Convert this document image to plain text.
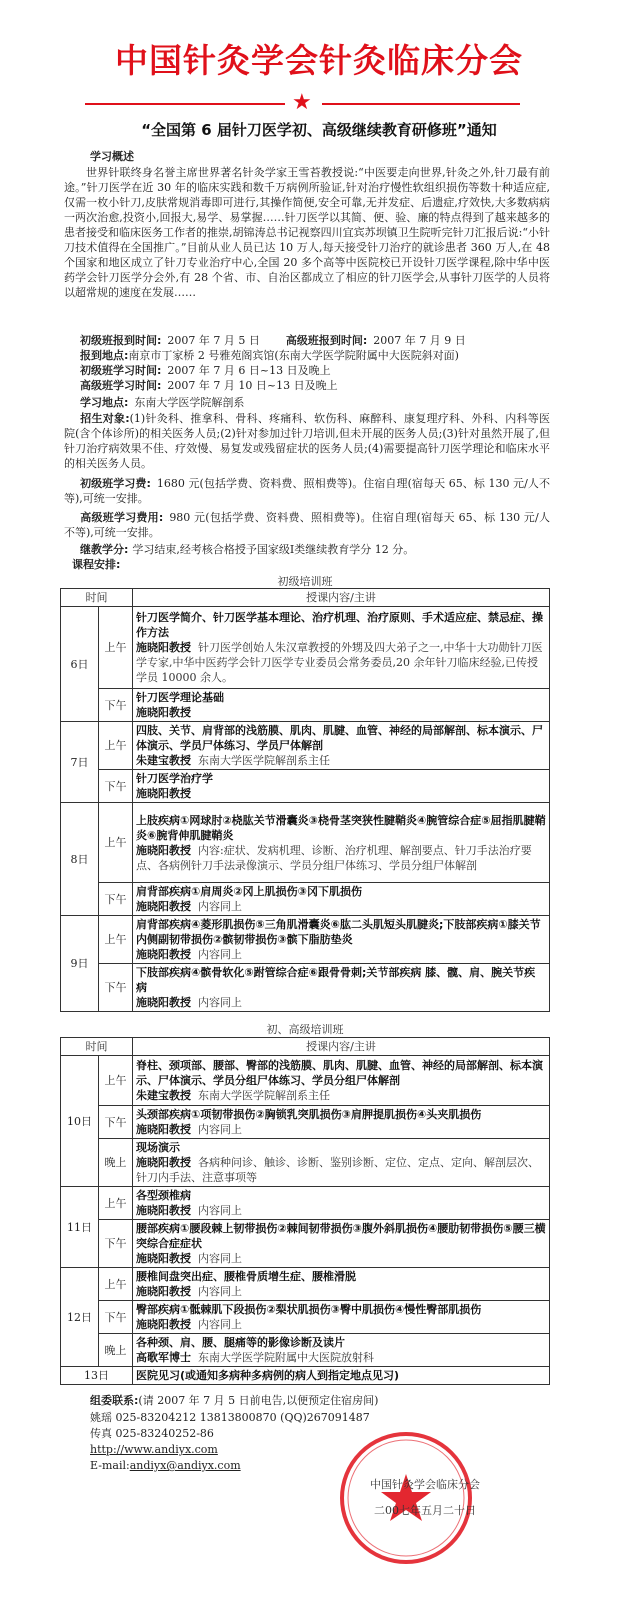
中国针灸学会针灸临床分会
★
“全国第 6 届针刀医学初、高级继续教育研修班”通知
学习概述
世界针联终身名誉主席世界著名针灸学家王雪苔教授说:“中医要走向世界,针灸之外,针刀最有前途。”针刀医学在近 30 年的临床实践和数千万病例所验证,针对治疗慢性软组织损伤等数十种适应症,仅需一枚小针刀,皮肤常规消毒即可进行,其操作简便,安全可靠,无并发症、后遗症,疗效快,大多数病病一两次治愈,投资小,回报大,易学、易掌握……针刀医学以其简、便、验、廉的特点得到了越来越多的患者接受和临床医务工作者的推崇,胡锦涛总书记视察四川宜宾苏坝镇卫生院听完针刀汇报后说:“小针刀技术值得在全国推广。”目前从业人员已达 10 万人,每天接受针刀治疗的就诊患者 360 万人,在 48 个国家和地区成立了针刀专业治疗中心,全国 20 多个高等中医院校已开设针刀医学课程,除中华中医药学会针刀医学分会外,有 28 个省、市、自治区都成立了相应的针刀医学会,从事针刀医学的人员将以超常规的速度在发展……
初级班报到时间: 2007 年 7 月 5 日 高级班报到时间: 2007 年 7 月 9 日
报到地点:南京市丁家桥 2 号雅苑阁宾馆(东南大学医学院附属中大医院斜对面)
初级班学习时间: 2007 年 7 月 6 日~13 日及晚上
高级班学习时间: 2007 年 7 月 10 日~13 日及晚上
学习地点: 东南大学医学院解剖系
招生对象:(1)针灸科、推拿科、骨科、疼痛科、软伤科、麻醉科、康复理疗科、外科、内科等医院(含个体诊所)的相关医务人员;(2)针对参加过针刀培训,但未开展的医务人员;(3)针对虽然开展了,但针刀治疗病效果不佳、疗效慢、易复发或残留症状的医务人员;(4)需要提高针刀医学理论和临床水平的相关医务人员。
初级班学习费: 1680 元(包括学费、资料费、照相费等)。住宿自理(宿每天 65、标 130 元/人不等),可统一安排。
高级班学习费用: 980 元(包括学费、资料费、照相费等)。住宿自理(宿每天 65、标 130 元/人不等),可统一安排。
继教学分: 学习结束,经考核合格授予国家级Ⅰ类继续教育学分 12 分。
课程安排:
初级培训班
时间		授课内容/主讲
6日	上午	针刀医学简介、针刀医学基本理论、治疗机理、治疗原则、手术适应症、禁忌症、操作方法
施晓阳教授 针刀医学创始人朱汉章教授的外甥及四大弟子之一,中华十大功勋针刀医学专家,中华中医药学会针刀医学专业委员会常务委员,20 余年针刀临床经验,已传授学员 10000 余人。
	下午	针刀医学理论基础
施晓阳教授
7日	上午	四肢、关节、肩背部的浅筋膜、肌肉、肌腱、血管、神经的局部解剖、标本演示、尸体演示、学员尸体练习、学员尸体解剖
朱建宝教授 东南大学医学院解剖系主任
	下午	针刀医学治疗学
施晓阳教授
8日	上午	上肢疾病①网球肘②桡肱关节滑囊炎③桡骨茎突狭性腱鞘炎④腕管综合症⑤屈指肌腱鞘炎⑥腕背伸肌腱鞘炎
施晓阳教授 内容:症状、发病机理、诊断、治疗机理、解剖要点、针刀手法治疗要点、各病例针刀手法录像演示、学员分组尸体练习、学员分组尸体解剖
	下午	肩背部疾病①肩周炎②冈上肌损伤③冈下肌损伤
施晓阳教授 内容同上
9日	上午	肩背部疾病④菱形肌损伤⑤三角肌滑囊炎⑥肱二头肌短头肌腱炎;下肢部疾病①膝关节内侧副韧带损伤②髌韧带损伤③髌下脂肪垫炎
施晓阳教授 内容同上
	下午	下肢部疾病④髌骨软化⑤跗管综合症⑥跟骨骨刺;关节部疾病 膝、髋、肩、腕关节疾病
施晓阳教授 内容同上
初、高级培训班
时间		授课内容/主讲
10日	上午	脊柱、颈项部、腰部、臀部的浅筋膜、肌肉、肌腱、血管、神经的局部解剖、标本演示、尸体演示、学员分组尸体练习、学员分组尸体解剖
朱建宝教授 东南大学医学院解剖系主任
	下午	头颈部疾病①项韧带损伤②胸锁乳突肌损伤③肩胛提肌损伤④头夹肌损伤
施晓阳教授 内容同上
	晚上	现场演示
施晓阳教授 各病种问诊、触诊、诊断、鉴别诊断、定位、定点、定向、解剖层次、针刀内手法、注意事项等
11日	上午	各型颈椎病
施晓阳教授 内容同上
	下午	腰部疾病①腰段棘上韧带损伤②棘间韧带损伤③腹外斜肌损伤④腰肋韧带损伤⑤腰三横突综合症症状
施晓阳教授 内容同上
12日	上午	腰椎间盘突出症、腰椎骨质增生症、腰椎滑脱
施晓阳教授 内容同上
	下午	臀部疾病①骶棘肌下段损伤②梨状肌损伤③臀中肌损伤④慢性臀部肌损伤
施晓阳教授 内容同上
	晚上	各种颈、肩、腰、腿痛等的影像诊断及读片
高歌军博士 东南大学医学院附属中大医院放射科
13日		医院见习(或通知多病种多病例的病人到指定地点见习)
组委联系:(请 2007 年 7 月 5 日前电告,以便预定住宿房间)
姚瑶 025-83204212 13813800870 (QQ)267091487
传真 025-83240252-86
http://www.andiyx.com
E-mail:andiyx@andiyx.com
中国针灸学会临床分会
二00七年五月二十日
